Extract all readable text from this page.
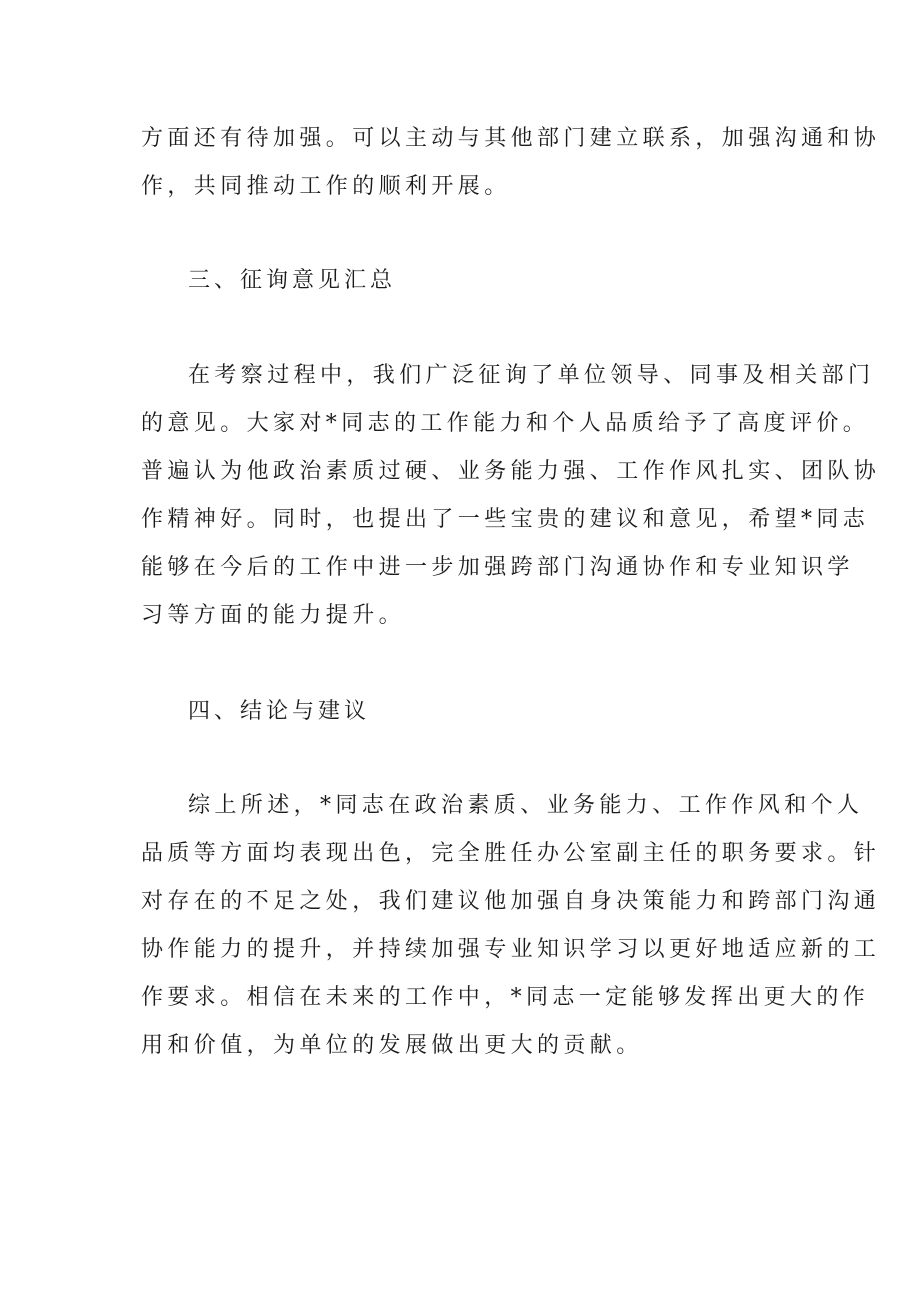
方面还有待加强。可以主动与其他部门建立联系，加强沟通和协
作，共同推动工作的顺利开展。
三、征询意见汇总
在考察过程中，我们广泛征询了单位领导、同事及相关部门
的意见。大家对*同志的工作能力和个人品质给予了高度评价。
普遍认为他政治素质过硬、业务能力强、工作作风扎实、团队协
作精神好。同时，也提出了一些宝贵的建议和意见，希望*同志
能够在今后的工作中进一步加强跨部门沟通协作和专业知识学
习等方面的能力提升。
四、结论与建议
综上所述，*同志在政治素质、业务能力、工作作风和个人
品质等方面均表现出色，完全胜任办公室副主任的职务要求。针
对存在的不足之处，我们建议他加强自身决策能力和跨部门沟通
协作能力的提升，并持续加强专业知识学习以更好地适应新的工
作要求。相信在未来的工作中，*同志一定能够发挥出更大的作
用和价值，为单位的发展做出更大的贡献。
